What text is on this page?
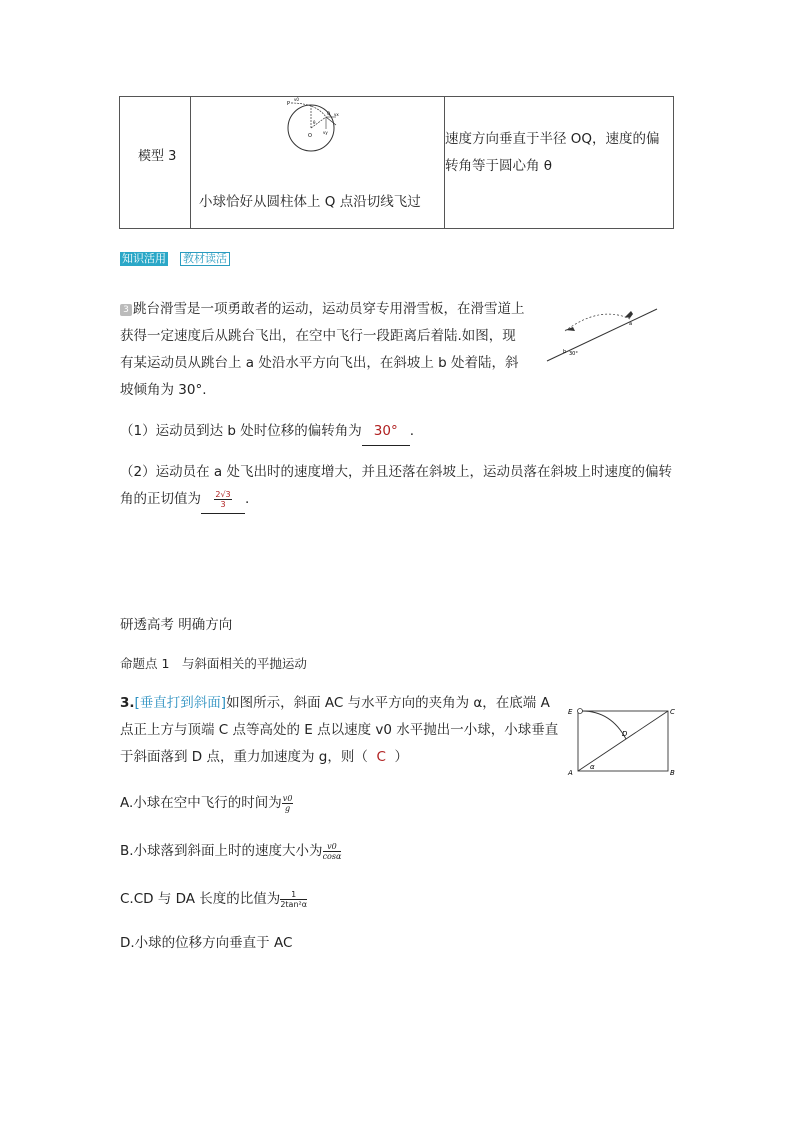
模型 3
P
v0
O
θ
Q vx
vy
小球恰好从圆柱体上 Q 点沿切线飞过
速度方向垂直于半径 OQ，速度的偏转角等于圆心角 θ
知识活用 教材读活
3 跳台滑雪是一项勇敢者的运动，运动员穿专用滑雪板，在滑雪道上获得一定速度后从跳台飞出，在空中飞行一段距离后着陆.如图，现有某运动员从跳台上 a 处沿水平方向飞出，在斜坡上 b 处着陆，斜坡倾角为 30°.
b 30°
a
（1）运动员到达 b 处时位移的偏转角为 30° .
（2）运动员在 a 处飞出时的速度增大，并且还落在斜坡上，运动员落在斜坡上时速度的偏转角的正切值为 $\frac{2√3}{3}$ .
研透高考 明确方向
命题点 1　与斜面相关的平抛运动
3.[垂直打到斜面]如图所示，斜面 AC 与水平方向的夹角为 α，在底端 A 点正上方与顶端 C 点等高处的 E 点以速度 v0 水平抛出一小球，小球垂直于斜面落到 D 点，重力加速度为 g，则（ C ）
E	C
D
A	B
α
A.小球在空中飞行的时间为 $\frac{v0}{g}$
B.小球落到斜面上时的速度大小为 $\frac{v0}{\cos\alpha}$
C.CD 与 DA 长度的比值为 $\frac{1}{\text{2tan²α}}$
D.小球的位移方向垂直于 AC
